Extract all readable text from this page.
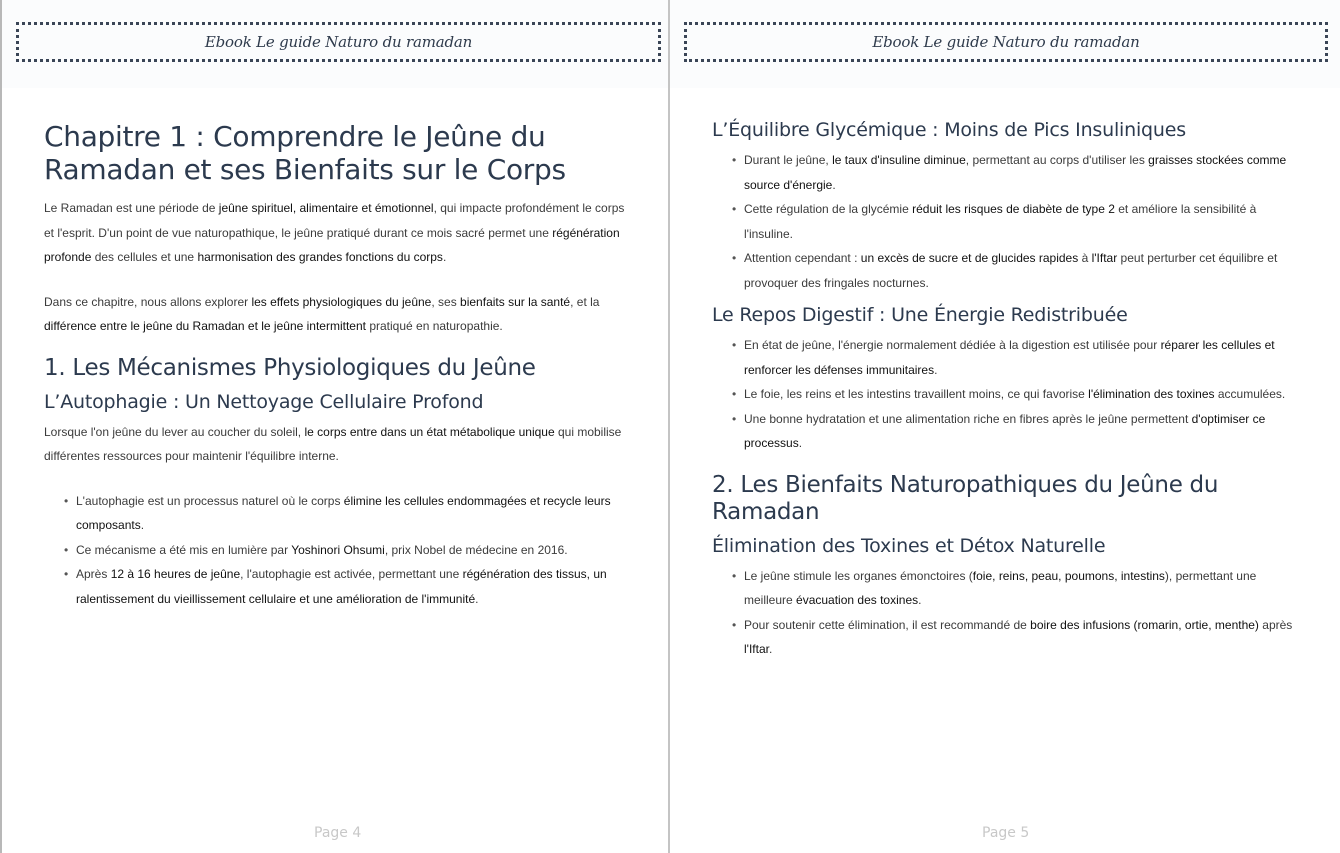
Ebook Le guide Naturo du ramadan
Chapitre 1 : Comprendre le Jeûne du Ramadan et ses Bienfaits sur le Corps

Le Ramadan est une période de jeûne spirituel, alimentaire et émotionnel, qui impacte profondément le corps et l'esprit. D'un point de vue naturopathique, le jeûne pratiqué durant ce mois sacré permet une régénération profonde des cellules et une harmonisation des grandes fonctions du corps.

Dans ce chapitre, nous allons explorer les effets physiologiques du jeûne, ses bienfaits sur la santé, et la différence entre le jeûne du Ramadan et le jeûne intermittent pratiqué en naturopathie.

1. Les Mécanismes Physiologiques du Jeûne
L’Autophagie : Un Nettoyage Cellulaire Profond

Lorsque l'on jeûne du lever au coucher du soleil, le corps entre dans un état métabolique unique qui mobilise différentes ressources pour maintenir l'équilibre interne.

• L'autophagie est un processus naturel où le corps élimine les cellules endommagées et recycle leurs composants.
• Ce mécanisme a été mis en lumière par Yoshinori Ohsumi, prix Nobel de médecine en 2016.
• Après 12 à 16 heures de jeûne, l'autophagie est activée, permettant une régénération des tissus, un ralentissement du vieillissement cellulaire et une amélioration de l'immunité.
Page 4
Ebook Le guide Naturo du ramadan
L’Équilibre Glycémique : Moins de Pics Insuliniques
• Durant le jeûne, le taux d'insuline diminue, permettant au corps d'utiliser les graisses stockées comme source d'énergie.
• Cette régulation de la glycémie réduit les risques de diabète de type 2 et améliore la sensibilité à l'insuline.
• Attention cependant : un excès de sucre et de glucides rapides à l'Iftar peut perturber cet équilibre et provoquer des fringales nocturnes.
Le Repos Digestif : Une Énergie Redistribuée
• En état de jeûne, l'énergie normalement dédiée à la digestion est utilisée pour réparer les cellules et renforcer les défenses immunitaires.
• Le foie, les reins et les intestins travaillent moins, ce qui favorise l'élimination des toxines accumulées.
• Une bonne hydratation et une alimentation riche en fibres après le jeûne permettent d'optimiser ce processus.
2. Les Bienfaits Naturopathiques du Jeûne du Ramadan
Élimination des Toxines et Détox Naturelle
• Le jeûne stimule les organes émonctoires (foie, reins, peau, poumons, intestins), permettant une meilleure évacuation des toxines.
• Pour soutenir cette élimination, il est recommandé de boire des infusions (romarin, ortie, menthe) après l'Iftar.
Page 5
